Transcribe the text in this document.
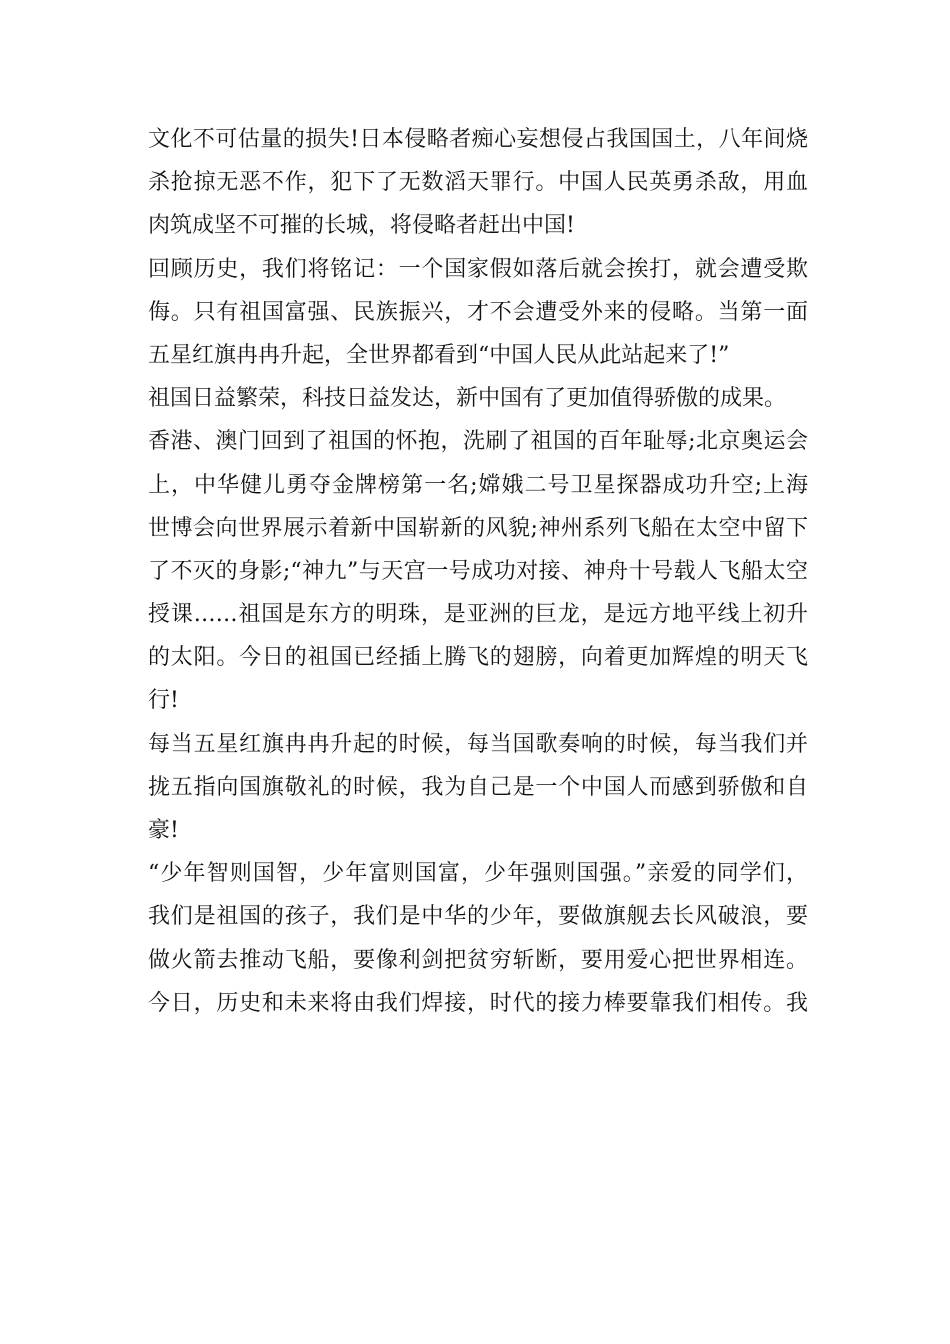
文化不可估量的损失!日本侵略者痴心妄想侵占我国国土，八年间烧
杀抢掠无恶不作，犯下了无数滔天罪行。中国人民英勇杀敌，用血
肉筑成坚不可摧的长城，将侵略者赶出中国!
回顾历史，我们将铭记：一个国家假如落后就会挨打，就会遭受欺
侮。只有祖国富强、民族振兴，才不会遭受外来的侵略。当第一面
五星红旗冉冉升起，全世界都看到“中国人民从此站起来了!”
祖国日益繁荣，科技日益发达，新中国有了更加值得骄傲的成果。
香港、澳门回到了祖国的怀抱，洗刷了祖国的百年耻辱;北京奥运会
上，中华健儿勇夺金牌榜第一名;嫦娥二号卫星探器成功升空;上海
世博会向世界展示着新中国崭新的风貌;神州系列飞船在太空中留下
了不灭的身影;“神九”与天宫一号成功对接、神舟十号载人飞船太空
授课……祖国是东方的明珠，是亚洲的巨龙，是远方地平线上初升
的太阳。今日的祖国已经插上腾飞的翅膀，向着更加辉煌的明天飞
行!
每当五星红旗冉冉升起的时候，每当国歌奏响的时候，每当我们并
拢五指向国旗敬礼的时候，我为自己是一个中国人而感到骄傲和自
豪!
“少年智则国智，少年富则国富，少年强则国强。”亲爱的同学们，
我们是祖国的孩子，我们是中华的少年，要做旗舰去长风破浪，要
做火箭去推动飞船，要像利剑把贫穷斩断，要用爱心把世界相连。
今日，历史和未来将由我们焊接，时代的接力棒要靠我们相传。我
